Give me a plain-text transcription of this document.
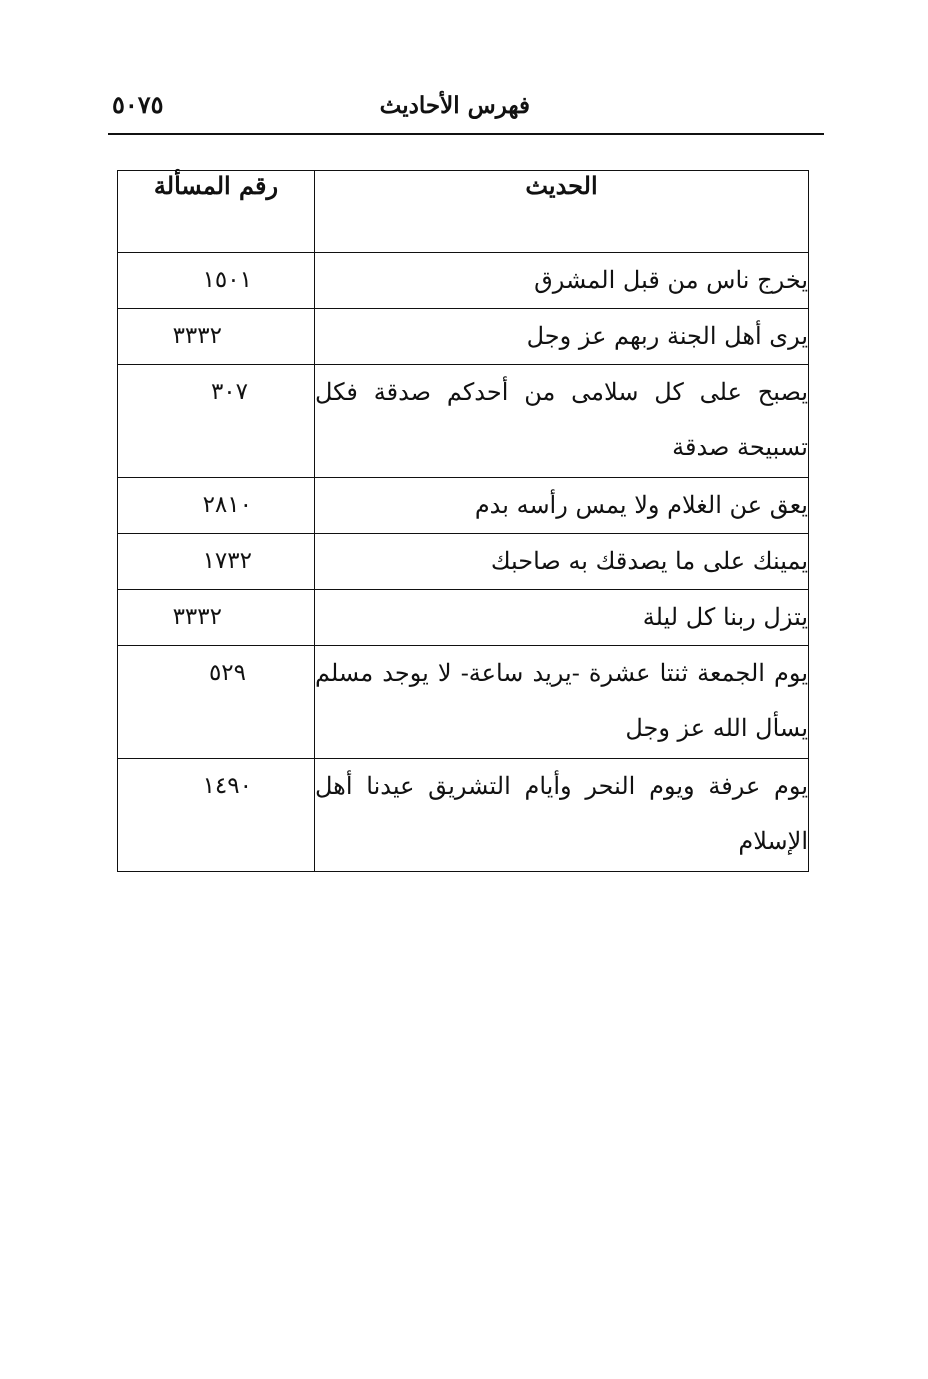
فهرس الأحاديث
٥٠٧٥
الحديث	رقم المسألة
يخرج ناس من قبل المشرق	١٥٠١

يرى أهل الجنة ربهم عز وجل	٣٣٣٢

يصبح على كل سلامى من أحدكم صدقة فكل تسبيحة صدقة	٣٠٧

يعق عن الغلام ولا يمس رأسه بدم	٢٨١٠

يمينك على ما يصدقك به صاحبك	١٧٣٢

يتزل ربنا كل ليلة	٣٣٣٢

يوم الجمعة ثنتا عشرة -يريد ساعة- لا يوجد مسلم يسأل الله عز وجل	٥٢٩

يوم عرفة ويوم النحر وأيام التشريق عيدنا أهل الإسلام	١٤٩٠
